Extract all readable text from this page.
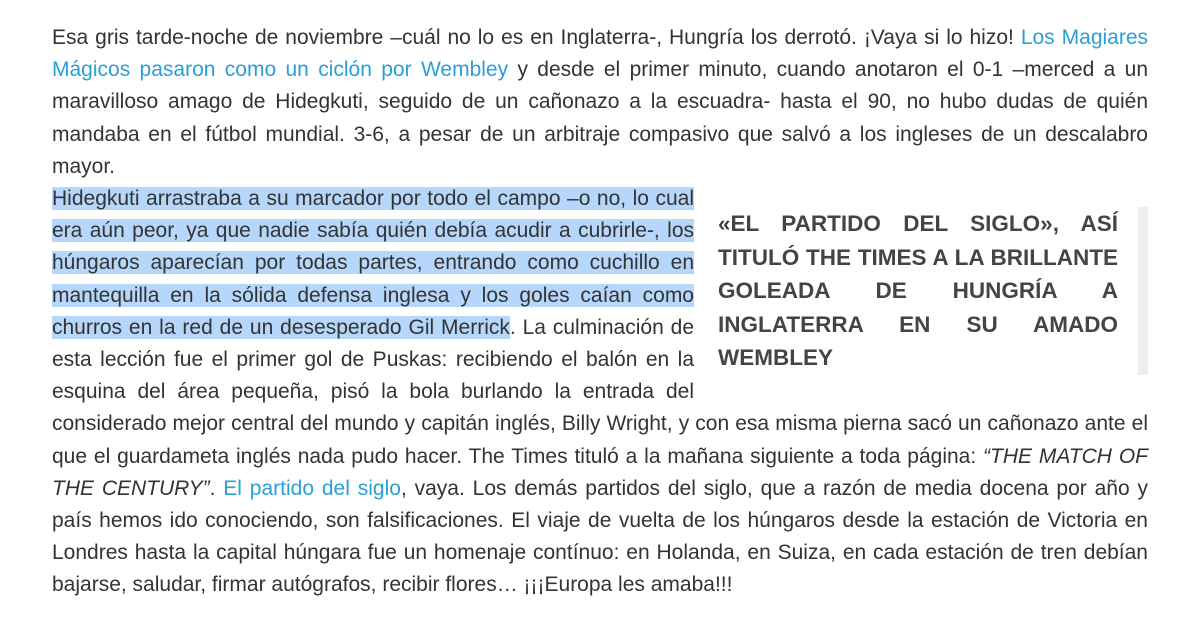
Esa gris tarde-noche de noviembre –cuál no lo es en Inglaterra-, Hungría los derrotó. ¡Vaya si lo hizo! Los Magiares Mágicos pasaron como un ciclón por Wembley y desde el primer minuto, cuando anotaron el 0-1 –merced a un maravilloso amago de Hidegkuti, seguido de un cañonazo a la escuadra- hasta el 90, no hubo dudas de quién mandaba en el fútbol mundial. 3-6, a pesar de un arbitraje compasivo que salvó a los ingleses de un descalabro mayor.

«EL PARTIDO DEL SIGLO», ASÍ TITULÓ THE TIMES A LA BRILLANTE GOLEADA DE HUNGRÍA A INGLATERRA EN SU AMADO WEMBLEY
Hidegkuti arrastraba a su marcador por todo el campo –o no, lo cual era aún peor, ya que nadie sabía quién debía acudir a cubrirle-, los húngaros aparecían por todas partes, entrando como cuchillo en mantequilla en la sólida defensa inglesa y los goles caían como churros en la red de un desesperado Gil Merrick. La culminación de esta lección fue el primer gol de Puskas: recibiendo el balón en la esquina del área pequeña, pisó la bola burlando la entrada del considerado mejor central del mundo y capitán inglés, Billy Wright, y con esa misma pierna sacó un cañonazo ante el que el guardameta inglés nada pudo hacer. The Times tituló a la mañana siguiente a toda página: “THE MATCH OF THE CENTURY”. El partido del siglo, vaya. Los demás partidos del siglo, que a razón de media docena por año y país hemos ido conociendo, son falsificaciones. El viaje de vuelta de los húngaros desde la estación de Victoria en Londres hasta la capital húngara fue un homenaje contínuo: en Holanda, en Suiza, en cada estación de tren debían bajarse, saludar, firmar autógrafos, recibir flores… ¡¡¡Europa les amaba!!!
